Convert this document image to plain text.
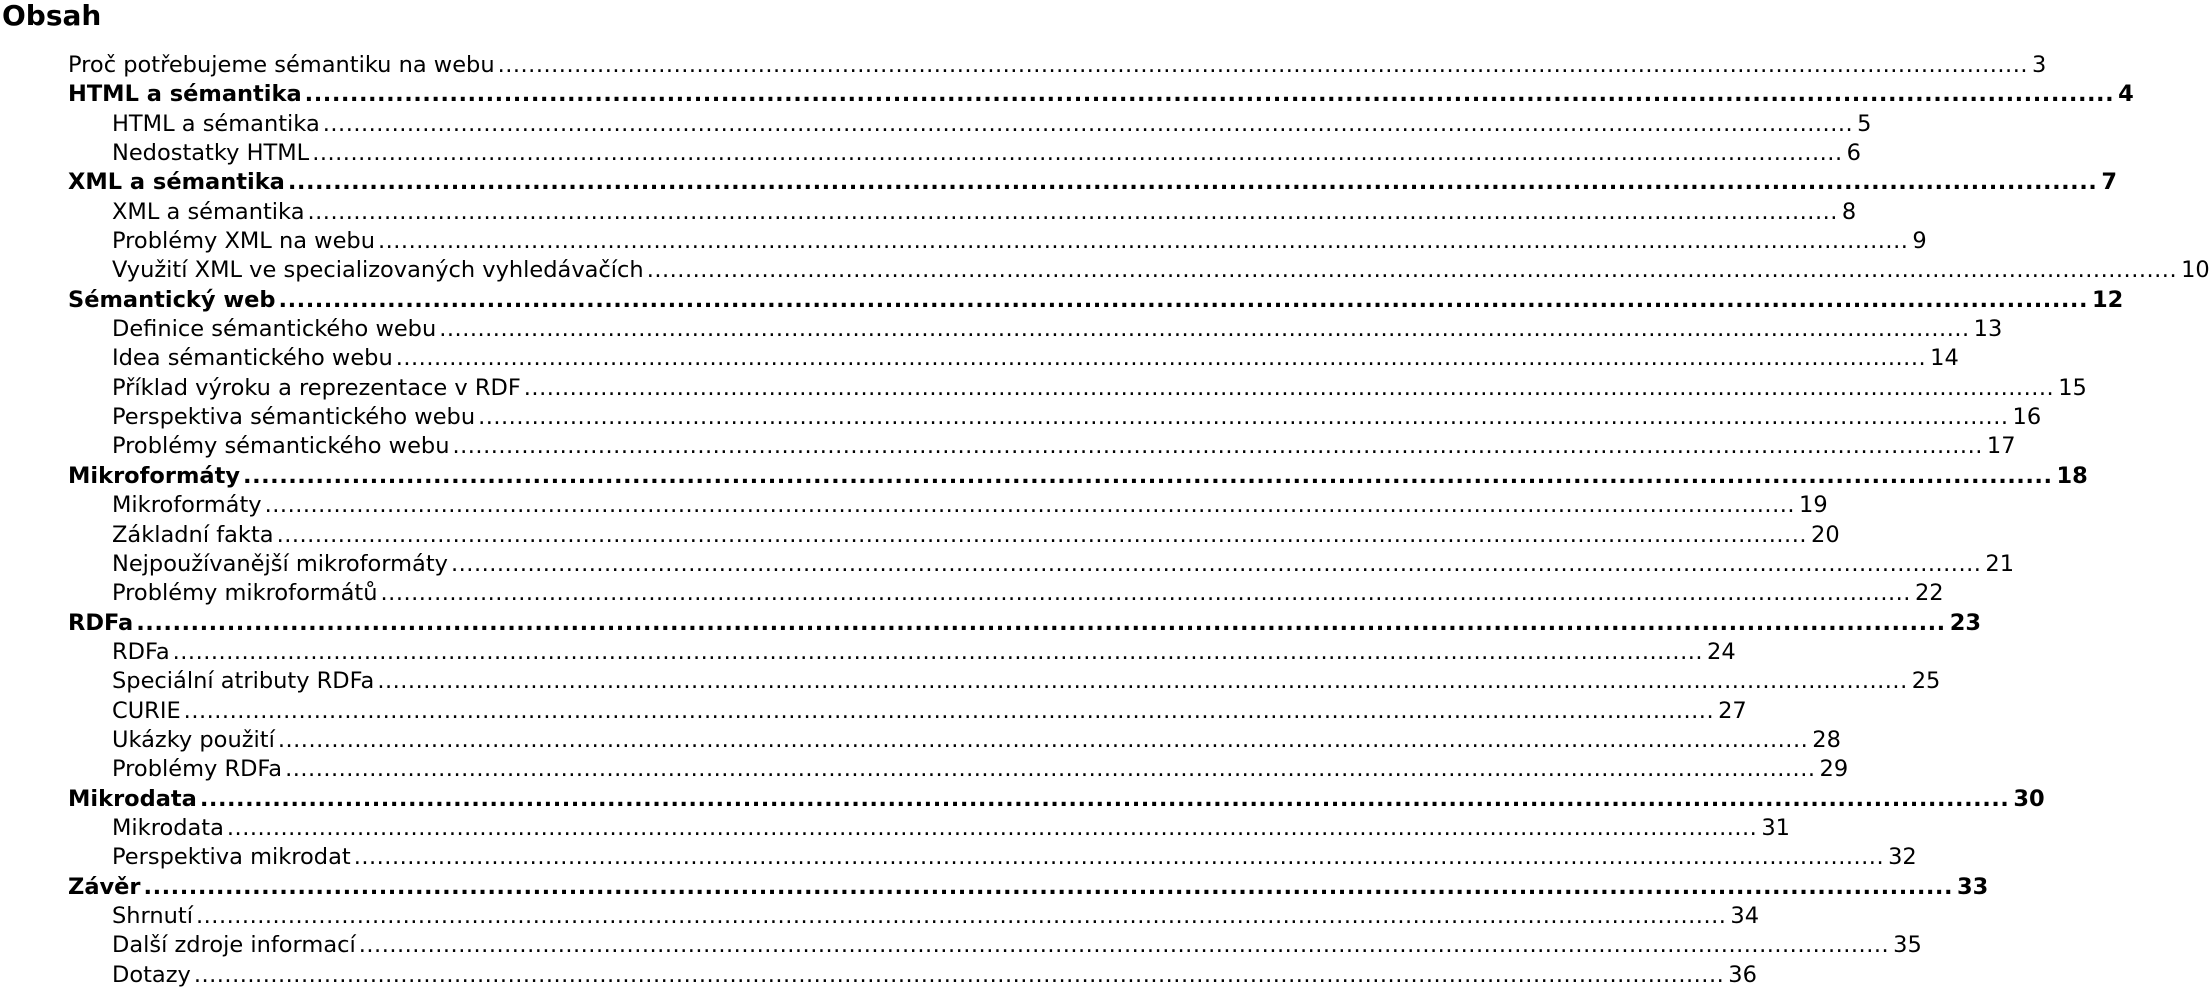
Obsah
Proč potřebujeme sémantiku na webu ........................................................................................................................................................................................................ 3
HTML a sémantika ........................................................................................................................................................................................................ 4
HTML a sémantika ........................................................................................................................................................................................................ 5
Nedostatky HTML ........................................................................................................................................................................................................ 6
XML a sémantika ........................................................................................................................................................................................................ 7
XML a sémantika ........................................................................................................................................................................................................ 8
Problémy XML na webu ........................................................................................................................................................................................................ 9
Využití XML ve specializovaných vyhledávačích ........................................................................................................................................................................................................ 10
Sémantický web ........................................................................................................................................................................................................ 12
Definice sémantického webu ........................................................................................................................................................................................................ 13
Idea sémantického webu ........................................................................................................................................................................................................ 14
Příklad výroku a reprezentace v RDF ........................................................................................................................................................................................................ 15
Perspektiva sémantického webu ........................................................................................................................................................................................................ 16
Problémy sémantického webu ........................................................................................................................................................................................................ 17
Mikroformáty ........................................................................................................................................................................................................ 18
Mikroformáty ........................................................................................................................................................................................................ 19
Základní fakta ........................................................................................................................................................................................................ 20
Nejpoužívanější mikroformáty ........................................................................................................................................................................................................ 21
Problémy mikroformátů ........................................................................................................................................................................................................ 22
RDFa ........................................................................................................................................................................................................ 23
RDFa ........................................................................................................................................................................................................ 24
Speciální atributy RDFa ........................................................................................................................................................................................................ 25
CURIE ........................................................................................................................................................................................................ 27
Ukázky použití ........................................................................................................................................................................................................ 28
Problémy RDFa ........................................................................................................................................................................................................ 29
Mikrodata ........................................................................................................................................................................................................ 30
Mikrodata ........................................................................................................................................................................................................ 31
Perspektiva mikrodat ........................................................................................................................................................................................................ 32
Závěr ........................................................................................................................................................................................................ 33
Shrnutí ........................................................................................................................................................................................................ 34
Další zdroje informací ........................................................................................................................................................................................................ 35
Dotazy ........................................................................................................................................................................................................ 36
